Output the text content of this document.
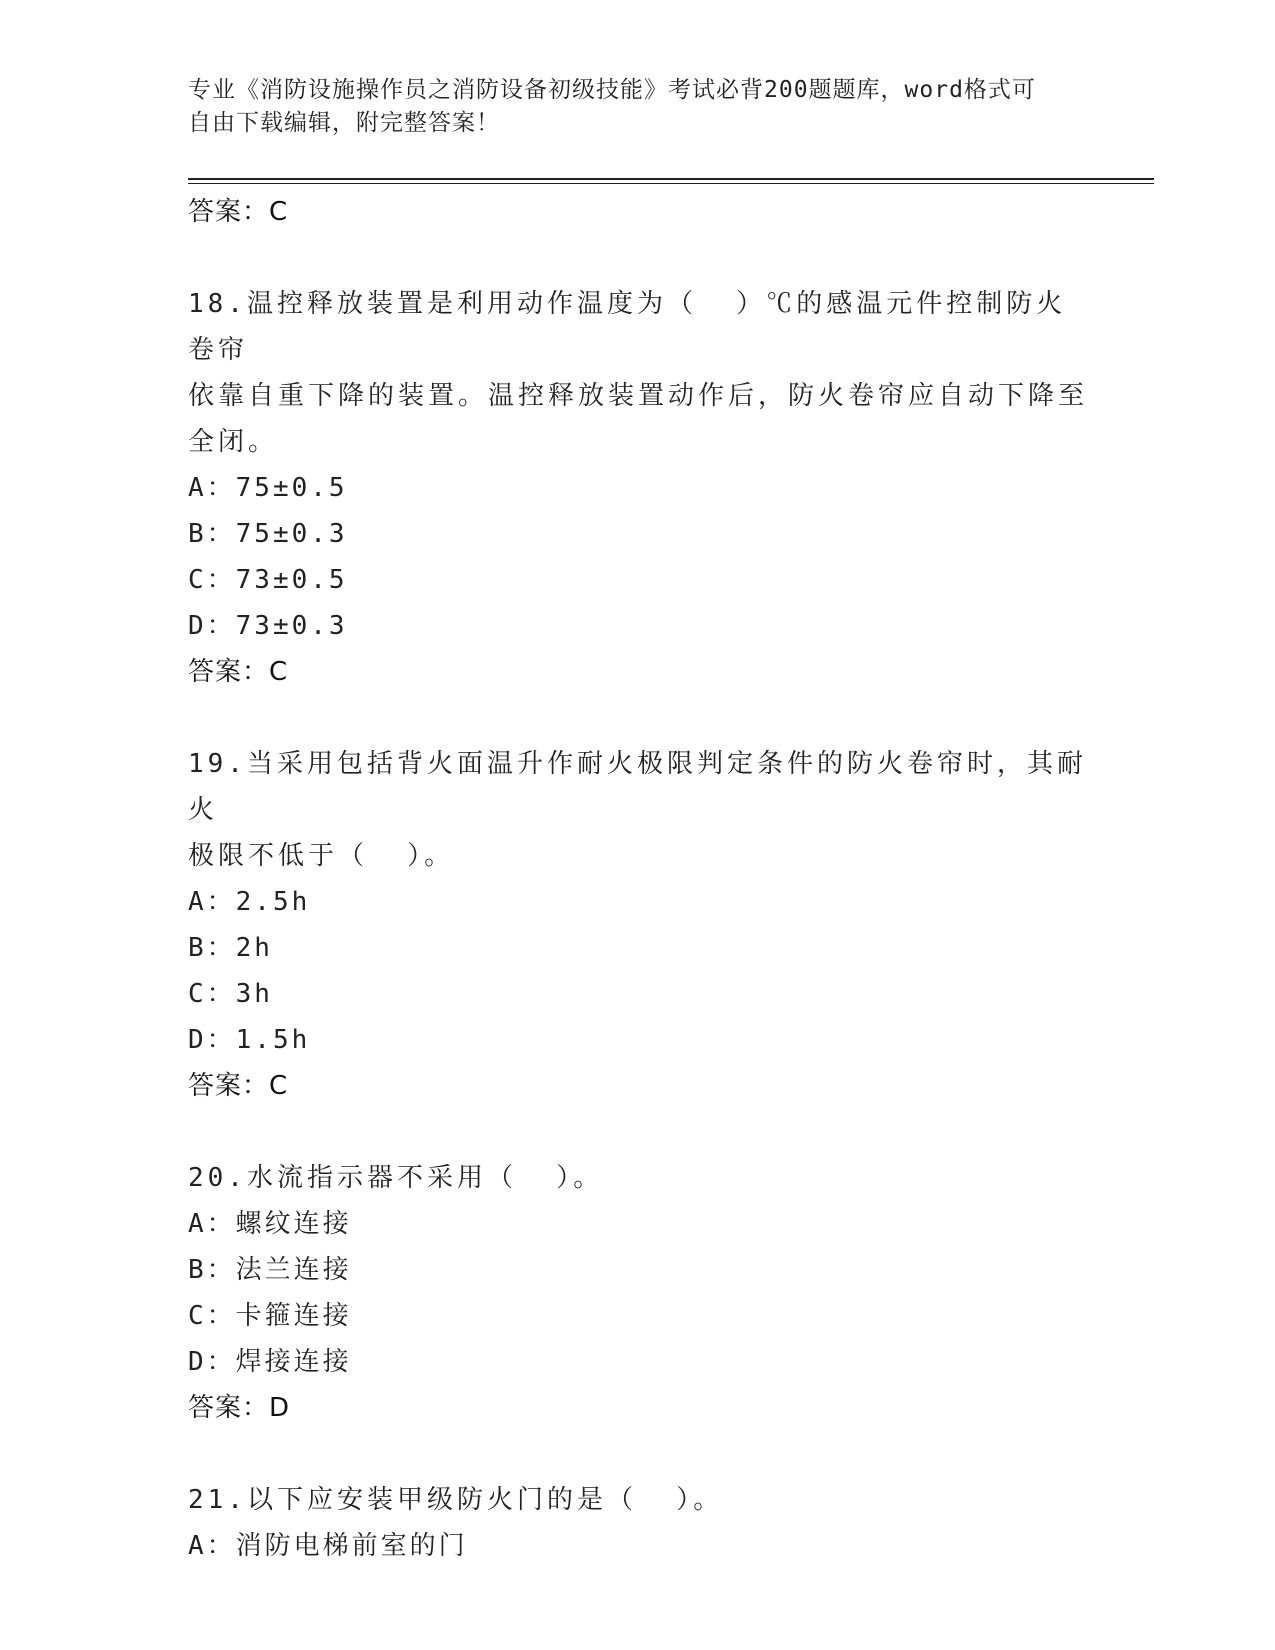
专业《消防设施操作员之消防设备初级技能》考试必背200题题库，word格式可
自由下载编辑，附完整答案！
答案：C
18.温控释放装置是利用动作温度为（  ）℃的感温元件控制防火卷帘
依靠自重下降的装置。温控释放装置动作后，防火卷帘应自动下降至
全闭。
A：75±0.5
B：75±0.3
C：73±0.5
D：73±0.3
答案：C
19.当采用包括背火面温升作耐火极限判定条件的防火卷帘时，其耐火
极限不低于（  ）。
A：2.5h
B：2h
C：3h
D：1.5h
答案：C
20.水流指示器不采用（  ）。
A：螺纹连接
B：法兰连接
C：卡箍连接
D：焊接连接
答案：D
21.以下应安装甲级防火门的是（  ）。
A：消防电梯前室的门
